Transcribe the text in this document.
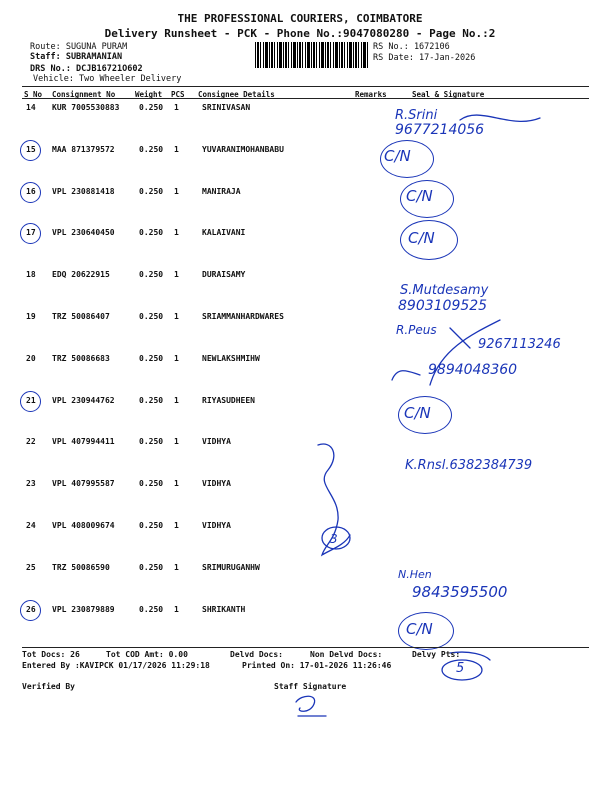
THE PROFESSIONAL COURIERS, COIMBATORE
Delivery Runsheet - PCK - Phone No.:9047080280 - Page No.:2
Route: SUGUNA PURAM
Staff: SUBRAMANIAN
DRS No.: DCJB16721O602
Vehicle: Two Wheeler Delivery
RS No.: 1672106
RS Date: 17-Jan-2026
S No Consignment No	Weight PCS Consignee Details	Remarks	Seal & Signature
14 KUR 7005530883 0.250 1	SRINIVASAN
15 MAA 871379572	0.250 1	YUVARANIMOHANBABU
16 VPL 230881418	0.250 1	MANIRAJA
17 VPL 230640450	0.250 1	KALAIVANI
18 EDQ 20622915	0.250 1	DURAISAMY
19 TRZ 50086407	0.250 1	SRIAMMANHARDWARES
20 TRZ 50086683	0.250 1	NEWLAKSHMIHW
21 VPL 230944762	0.250 1	RIYASUDHEEN
22 VPL 407994411	0.250 1	VIDHYA
23 VPL 407995587	0.250 1	VIDHYA
24 VPL 408009674	0.250 1	VIDHYA
25 TRZ 50086590	0.250 1	SRIMURUGANHW
26 VPL 230879889	0.250 1	SHRIKANTH
R.Srini
9677214056
C/N
C/N
C/N
S.Mutdesamy
8903109525
R.Peus
9267113246
9894048360
C/N
K.Rnsl.6382384739
3
N.Hen
9843595500
C/N
5
Tot Docs: 26	Tot COD Amt: 0.00	Delvd Docs:	Non Delvd Docs:	Delvy Pts:
Entered By :KAVIPCK 01/17/2026 11:29:18	Printed On: 17-01-2026 11:26:46
Verified By	Staff Signature
